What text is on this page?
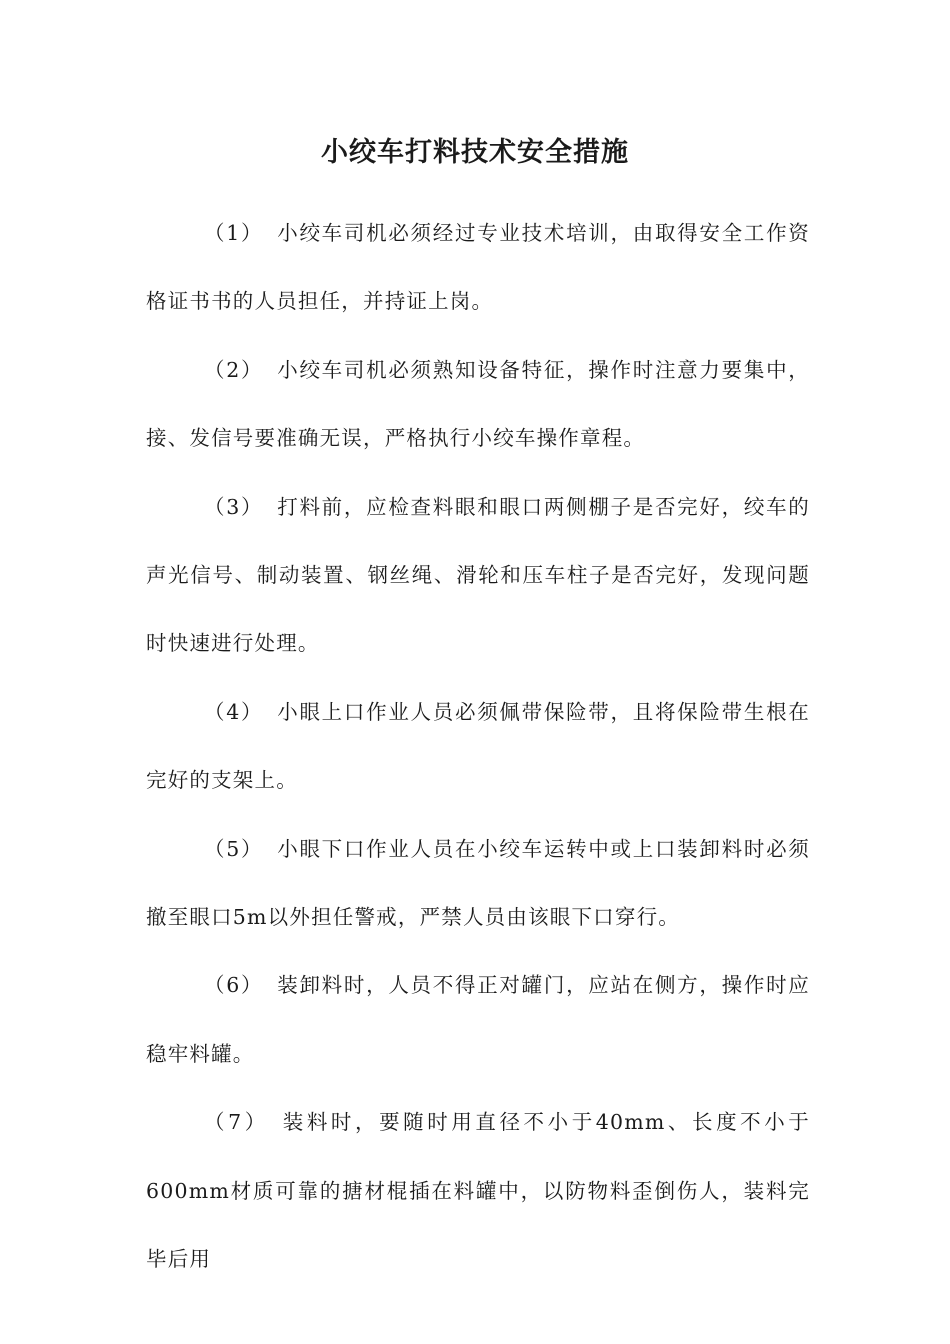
小绞车打料技术安全措施

（1） 小绞车司机必须经过专业技术培训，由取得安全工作资格证书书的人员担任，并持证上岗。

（2） 小绞车司机必须熟知设备特征，操作时注意力要集中，接、发信号要准确无误，严格执行小绞车操作章程。

（3） 打料前，应检查料眼和眼口两侧棚子是否完好，绞车的声光信号、制动装置、钢丝绳、滑轮和压车柱子是否完好，发现问题时快速进行处理。

（4） 小眼上口作业人员必须佩带保险带，且将保险带生根在完好的支架上。

（5） 小眼下口作业人员在小绞车运转中或上口装卸料时必须撤至眼口5m以外担任警戒，严禁人员由该眼下口穿行。

（6） 装卸料时，人员不得正对罐门，应站在侧方，操作时应稳牢料罐。

（7） 装料时，要随时用直径不小于40mm、长度不小于600mm材质可靠的搪材棍插在料罐中，以防物料歪倒伤人，装料完毕后用
